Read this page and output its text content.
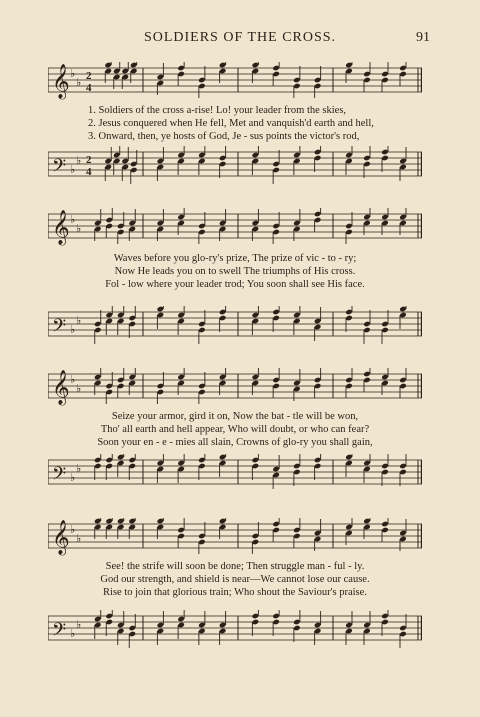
SOLDIERS OF THE CROSS.	91
𝄞 ♭
♭ 2
4
1. Soldiers of the cross a-rise! Lo! your leader from the skies,
2. Jesus conquered when He fell, Met and vanquish'd earth and hell,
3. Onward, then, ye hosts of God, Je - sus points the victor's rod,
𝄢 ♭
♭ 2
4
𝄞 ♭
♭
Waves before you glo-ry's prize, The prize of vic - to - ry;
Now He leads you on to swell The triumphs of His cross.
Fol - low where your leader trod; You soon shall see His face.
𝄢 ♭
♭
𝄞 ♭
♭
Seize your armor, gird it on, Now the bat - tle will be won,
Tho' all earth and hell appear, Who will doubt, or who can fear?
Soon your en - e - mies all slain, Crowns of glo-ry you shall gain,
𝄢 ♭
♭
𝄞 ♭
♭
See! the strife will soon be done; Then struggle man - ful - ly.
God our strength, and shield is near—We cannot lose our cause.
Rise to join that glorious train; Who shout the Saviour's praise.
𝄢 ♭
♭
